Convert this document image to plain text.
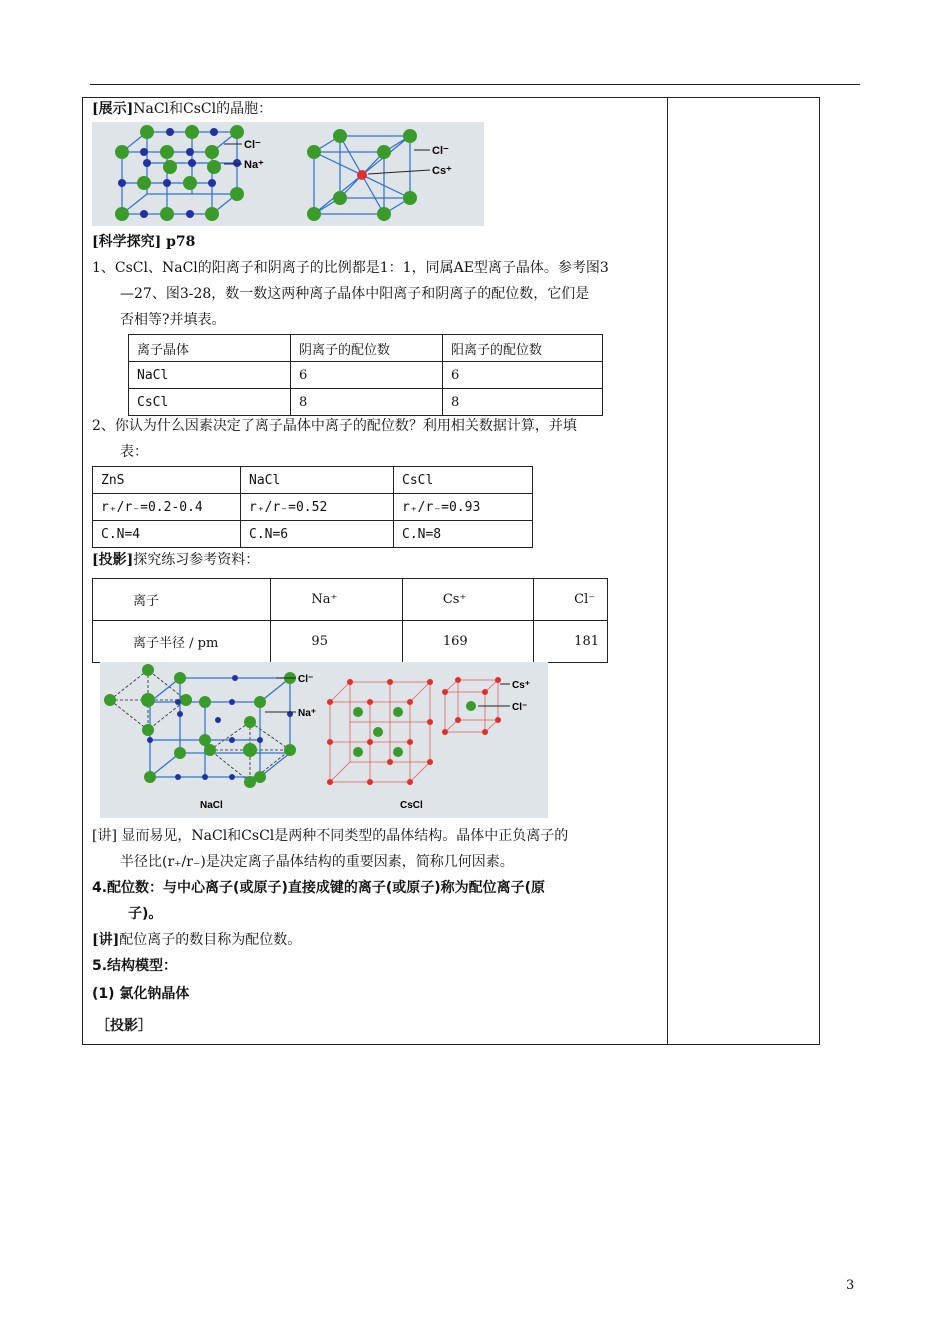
[展示]NaCl和CsCl的晶胞：
Cl⁻
Na⁺
Cl⁻
Cs⁺
[科学探究] p78
1、CsCl、NaCl的阳离子和阴离子的比例都是1：1，同属AE型离子晶体。参考图3
—27、图3-28，数一数这两种离子晶体中阳离子和阴离子的配位数，它们是
否相等?并填表。
离子晶体	阴离子的配位数	阳离子的配位数
NaCl	6	6
CsCl	8	8
2、你认为什么因素决定了离子晶体中离子的配位数？利用相关数据计算，并填
表：
ZnS	NaCl	CsCl
r₊/r₋=0.2-0.4	r₊/r₋=0.52	r₊/r₋=0.93
C.N=4	C.N=6	C.N=8
[投影]探究练习参考资料：
离子	Na⁺	Cs⁺	Cl⁻
离子半径 / pm	95	169	181
Cl⁻
Na⁺
NaCl	CsCl
Cs⁺
Cl⁻
[讲] 显而易见，NaCl和CsCl是两种不同类型的晶体结构。晶体中正负离子的
半径比(r₊/r₋)是决定离子晶体结构的重要因素，简称几何因素。
4.配位数：与中心离子(或原子)直接成键的离子(或原子)称为配位离子(原
子)。
[讲]配位离子的数目称为配位数。
5.结构模型：
(1) 氯化钠晶体
［投影］
3
